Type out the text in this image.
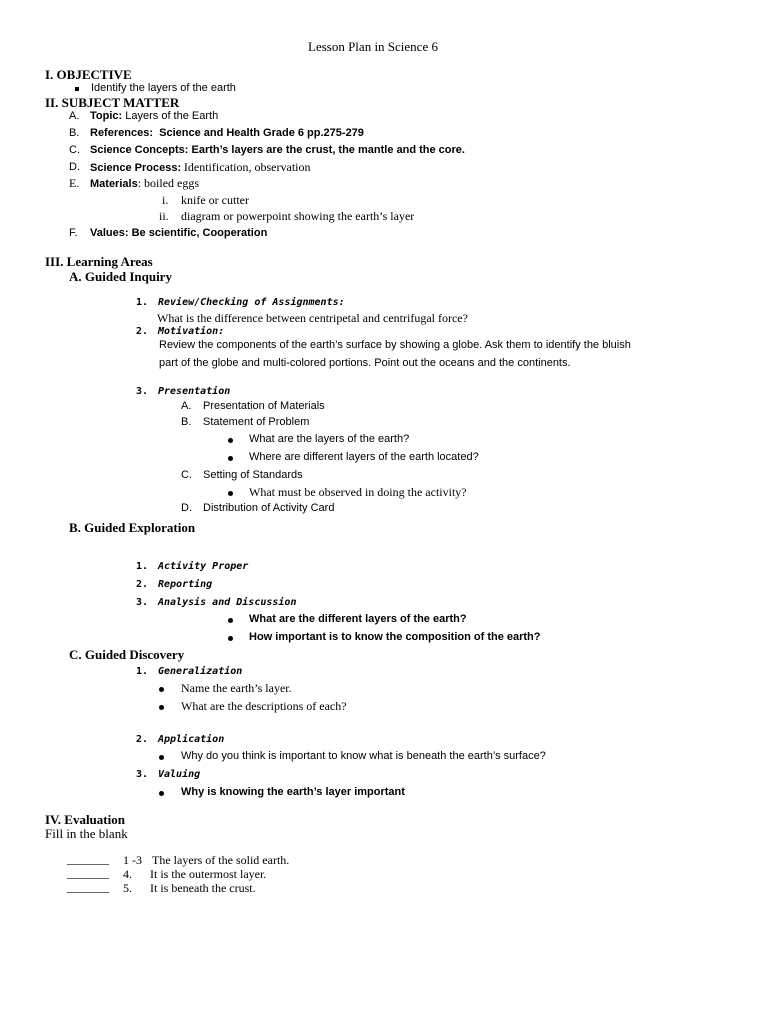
Lesson Plan in Science 6
I. OBJECTIVE
Identify the layers of the earth
II. SUBJECT MATTER
A. Topic: Layers of the Earth
B. References: Science and Health Grade 6 pp.275-279
C. Science Concepts: Earth’s layers are the crust, the mantle and the core.
D. Science Process: Identification, observation
E. Materials: boiled eggs
i. knife or cutter
ii. diagram or powerpoint showing the earth’s layer
F. Values: Be scientific, Cooperation
III. Learning Areas
A. Guided Inquiry
1. Review/Checking of Assignments:
What is the difference between centripetal and centrifugal force?
2. Motivation:
Review the components of the earth’s surface by showing a globe. Ask them to identify the bluish
part of the globe and multi-colored portions. Point out the oceans and the continents.
3. Presentation
A. Presentation of Materials
B. Statement of Problem
What are the layers of the earth?
Where are different layers of the earth located?
C. Setting of Standards
What must be observed in doing the activity?
D. Distribution of Activity Card
B. Guided Exploration
1. Activity Proper
2. Reporting
3. Analysis and Discussion
What are the different layers of the earth?
How important is to know the composition of the earth?
C. Guided Discovery
1. Generalization
Name the earth’s layer.
What are the descriptions of each?
2. Application
Why do you think is important to know what is beneath the earth’s surface?
3. Valuing
Why is knowing the earth’s layer important
IV. Evaluation
Fill in the blank
_______ 1 -3 The layers of the solid earth.
_______ 4. It is the outermost layer.
_______ 5. It is beneath the crust.
